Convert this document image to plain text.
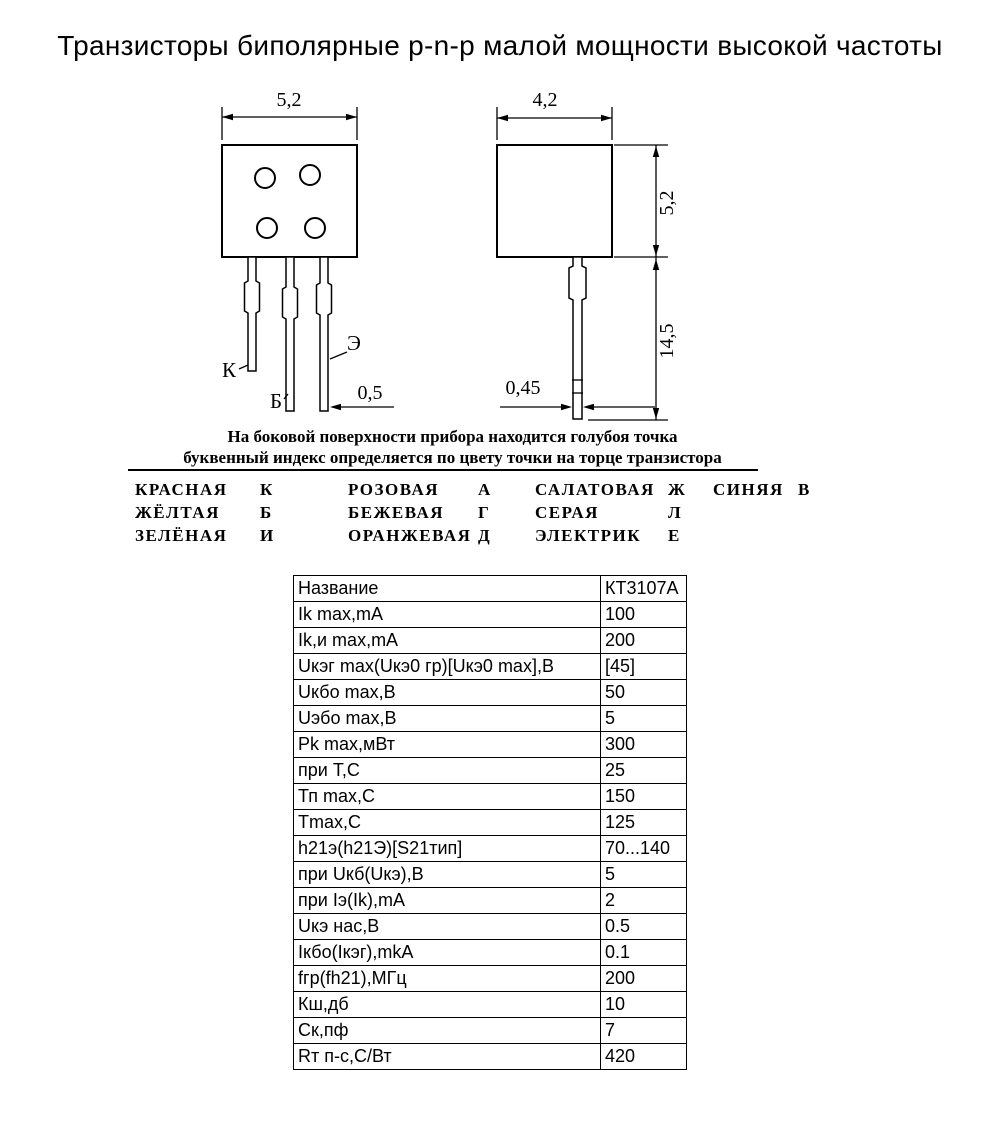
Транзисторы биполярные p-n-p малой мощности высокой частоты
5,2
0,5
К
Б
Э
4,2
5,2
14,5
0,45
На боковой поверхности прибора находится голубоя точка
буквенный индекс определяется по цвету точки на торце транзистора
КРАСНАЯ	К	РОЗОВАЯ	А	САЛАТОВАЯ Ж	СИНЯЯ В
ЖЁЛТАЯ	Б	БЕЖЕВАЯ	Г	СЕРАЯ	Л
ЗЕЛЁНАЯ	И	ОРАНЖЕВАЯ Д	ЭЛЕКТРИК	Е
Название	КТ3107А
Ik max,mA	100
Ik,и max,mA	200
Uкэг max(Uкэ0 гр)[Uкэ0 max],В	[45]
Uкбо max,В	50
Uэбо max,В	5
Pk max,мВт	300
при Т,С	25
Тп max,С	150
Tmax,С	125
h21э(h21Э)[S21тип]	70...140
при Uкб(Uкэ),В	5
при Iэ(Ik),mA	2
Uкэ нас,В	0.5
Iкбо(Iкэг),mkA	0.1
fгр(fh21),МГц	200
Кш,дб	10
Ск,пф	7
Rт п-с,С/Вт	420
